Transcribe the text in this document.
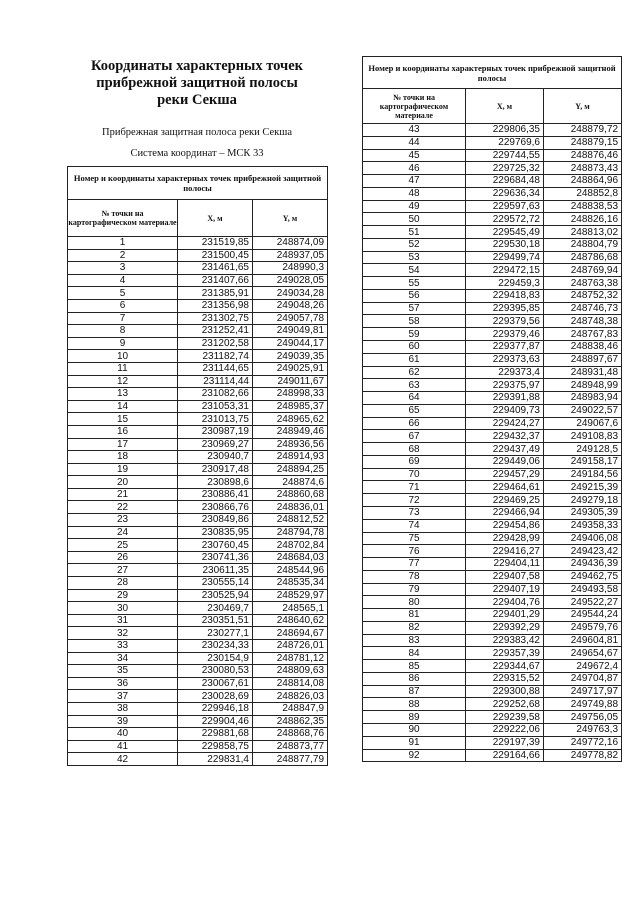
Координаты характерных точек
прибрежной защитной полосы
реки Секша
Прибрежная защитная полоса реки Секша
Система координат – МСК 33
Номер и координаты характерных точек прибрежной защитной полосы		
№ точки на картографическом материале	X, м	Y, м
1	231519,85	248874,09
2	231500,45	248937,05
3	231461,65	248990,3
4	231407,66	249028,05
5	231385,91	249034,28
6	231356,98	249048,26
7	231302,75	249057,78
8	231252,41	249049,81
9	231202,58	249044,17
10	231182,74	249039,35
11	231144,65	249025,91
12	231114,44	249011,67
13	231082,66	248998,33
14	231053,31	248985,37
15	231013,75	248965,62
16	230987,19	248949,46
17	230969,27	248936,56
18	230940,7	248914,93
19	230917,48	248894,25
20	230898,6	248874,6
21	230886,41	248860,68
22	230866,76	248836,01
23	230849,86	248812,52
24	230835,95	248794,78
25	230760,45	248702,84
26	230741,36	248684,03
27	230611,35	248544,96
28	230555,14	248535,34
29	230525,94	248529,97
30	230469,7	248565,1
31	230351,51	248640,62
32	230277,1	248694,67
33	230234,33	248726,01
34	230154,9	248781,12
35	230080,53	248809,63
36	230067,61	248814,08
37	230028,69	248826,03
38	229946,18	248847,9
39	229904,46	248862,35
40	229881,68	248868,76
41	229858,75	248873,77
42	229831,4	248877,79
Номер и координаты характерных точек прибрежной защитной полосы		
№ точки на картографическом материале	X, м	Y, м
43	229806,35	248879,72
44	229769,6	248879,15
45	229744,55	248876,46
46	229725,32	248873,43
47	229684,48	248864,96
48	229636,34	248852,8
49	229597,63	248838,53
50	229572,72	248826,16
51	229545,49	248813,02
52	229530,18	248804,79
53	229499,74	248786,68
54	229472,15	248769,94
55	229459,3	248763,38
56	229418,83	248752,32
57	229395,85	248746,73
58	229379,56	248748,38
59	229379,46	248767,83
60	229377,87	248838,46
61	229373,63	248897,67
62	229373,4	248931,48
63	229375,97	248948,99
64	229391,88	248983,94
65	229409,73	249022,57
66	229424,27	249067,6
67	229432,37	249108,83
68	229437,49	249128,5
69	229449,06	249158,17
70	229457,29	249184,56
71	229464,61	249215,39
72	229469,25	249279,18
73	229466,94	249305,39
74	229454,86	249358,33
75	229428,99	249406,08
76	229416,27	249423,42
77	229404,11	249436,39
78	229407,58	249462,75
79	229407,19	249493,58
80	229404,76	249522,27
81	229401,29	249544,24
82	229392,29	249579,76
83	229383,42	249604,81
84	229357,39	249654,67
85	229344,67	249672,4
86	229315,52	249704,87
87	229300,88	249717,97
88	229252,68	249749,88
89	229239,58	249756,05
90	229222,06	249763,3
91	229197,39	249772,16
92	229164,66	249778,82
